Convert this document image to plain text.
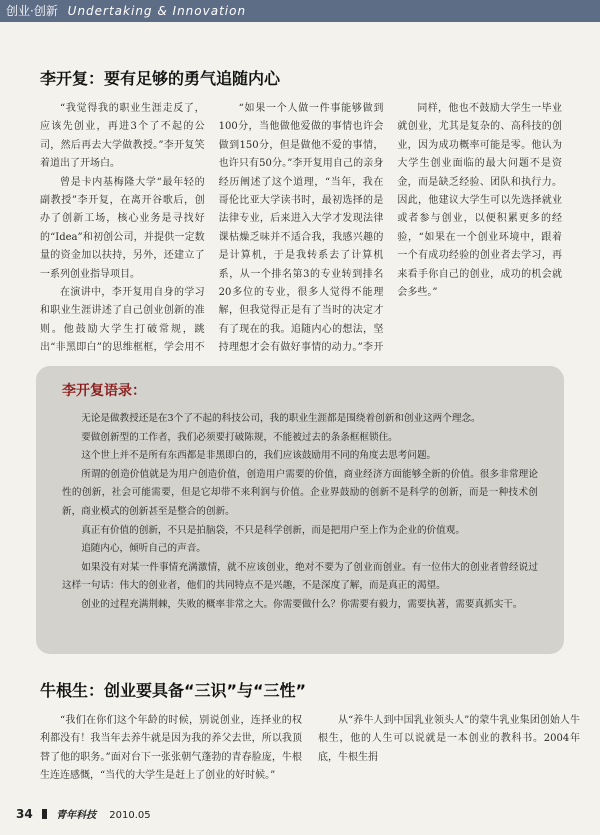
创业·创新 Undertaking & Innovation
李开复：要有足够的勇气追随内心

“我觉得我的职业生涯走反了，应该先创业，再进3个了不起的公司，然后再去大学做教授。”李开复笑着道出了开场白。

曾是卡内基梅隆大学“最年轻的副教授”李开复，在离开谷歌后，创办了创新工场，核心业务是寻找好的“Idea”和初创公司，并提供一定数量的资金加以扶持，另外，还建立了一系列创业指导项目。

在演讲中，李开复用自身的学习和职业生涯讲述了自己创业创新的准则。他鼓励大学生打破常规，跳出“非黑即白”的思维框框，学会用不

“如果一个人做一件事能够做到100分，当他做他爱做的事情也许会做到150分，但是做他不爱的事情，也许只有50分。”李开复用自己的亲身经历阐述了这个道理，“当年，我在哥伦比亚大学读书时，最初选择的是法律专业，后来进入大学才发现法律课枯燥乏味并不适合我，我感兴趣的是计算机，于是我转系去了计算机系，从一个排名第3的专业转到排名20多位的专业，很多人觉得不能理解，但我觉得正是有了当时的决定才有了现在的我。追随内心的想法，坚持理想才会有做好事情的动力。”李开

同样，他也不鼓励大学生一毕业就创业，尤其是复杂的、高科技的创业，因为成功概率可能是零。他认为大学生创业面临的最大问题不是资金，而是缺乏经验、团队和执行力。因此，他建议大学生可以先选择就业或者参与创业，以便积累更多的经验，“如果在一个创业环境中，跟着一个有成功经验的创业者去学习，再来看手你自己的创业，成功的机会就会多些。”

李开复语录：

无论是做教授还是在3个了不起的科技公司，我的职业生涯都是围绕着创新和创业这两个理念。

要做创新型的工作者，我们必须要打破陈规，不能被过去的条条框框锁住。

这个世上并不是所有东西都是非黑即白的，我们应该鼓励用不同的角度去思考问题。

所谓的创造价值就是为用户创造价值，创造用户需要的价值，商业经济方面能够全新的价值。很多非常理论性的创新，社会可能需要，但是它却带不来利润与价值。企业界鼓励的创新不是科学的创新，而是一种技术创新，商业模式的创新甚至是整合的创新。

真正有价值的创新，不只是拍脑袋，不只是科学创新，而是把用户至上作为企业的价值观。

追随内心，倾听自己的声音。

如果没有对某一件事情充满激情，就不应该创业，绝对不要为了创业而创业。有一位伟大的创业者曾经说过这样一句话：伟大的创业者，他们的共同特点不是兴趣，不是深度了解，而是真正的渴望。

创业的过程充满荆棘，失败的概率非常之大。你需要做什么？你需要有毅力，需要执著，需要真抓实干。

牛根生：创业要具备“三识”与“三性”

“我们在你们这个年龄的时候，别说创业，连择业的权利都没有！我当年去养牛就是因为我的养父去世，所以我顶替了他的职务。”面对台下一张张朝气蓬勃的青春脸庞，牛根生连连感慨，“当代的大学生是赶上了创业的好时候。”

从“养牛人到中国乳业领头人”的蒙牛乳业集团创始人牛根生，他的人生可以说就是一本创业的教科书。2004年底，牛根生捐

34 青年科技 2010.05
